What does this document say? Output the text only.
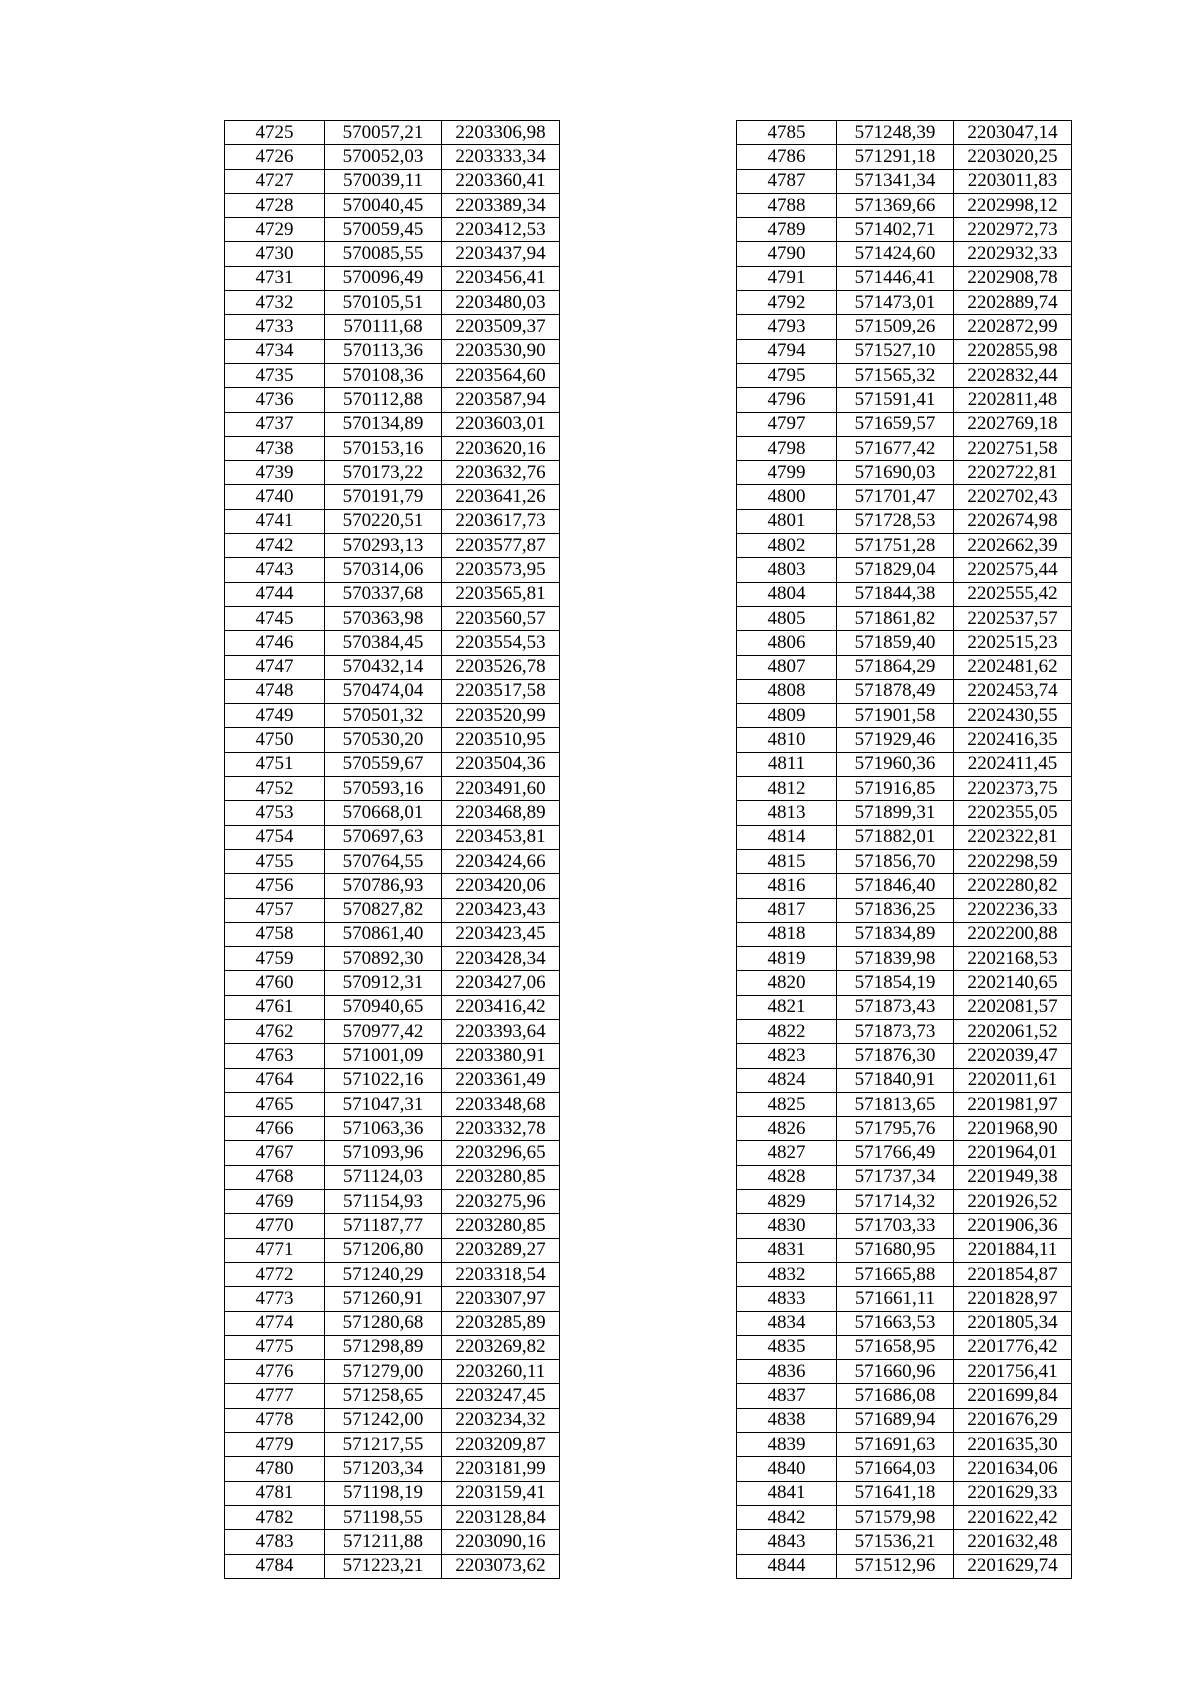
4725	570057,21	2203306,98
4726	570052,03	2203333,34
4727	570039,11	2203360,41
4728	570040,45	2203389,34
4729	570059,45	2203412,53
4730	570085,55	2203437,94
4731	570096,49	2203456,41
4732	570105,51	2203480,03
4733	570111,68	2203509,37
4734	570113,36	2203530,90
4735	570108,36	2203564,60
4736	570112,88	2203587,94
4737	570134,89	2203603,01
4738	570153,16	2203620,16
4739	570173,22	2203632,76
4740	570191,79	2203641,26
4741	570220,51	2203617,73
4742	570293,13	2203577,87
4743	570314,06	2203573,95
4744	570337,68	2203565,81
4745	570363,98	2203560,57
4746	570384,45	2203554,53
4747	570432,14	2203526,78
4748	570474,04	2203517,58
4749	570501,32	2203520,99
4750	570530,20	2203510,95
4751	570559,67	2203504,36
4752	570593,16	2203491,60
4753	570668,01	2203468,89
4754	570697,63	2203453,81
4755	570764,55	2203424,66
4756	570786,93	2203420,06
4757	570827,82	2203423,43
4758	570861,40	2203423,45
4759	570892,30	2203428,34
4760	570912,31	2203427,06
4761	570940,65	2203416,42
4762	570977,42	2203393,64
4763	571001,09	2203380,91
4764	571022,16	2203361,49
4765	571047,31	2203348,68
4766	571063,36	2203332,78
4767	571093,96	2203296,65
4768	571124,03	2203280,85
4769	571154,93	2203275,96
4770	571187,77	2203280,85
4771	571206,80	2203289,27
4772	571240,29	2203318,54
4773	571260,91	2203307,97
4774	571280,68	2203285,89
4775	571298,89	2203269,82
4776	571279,00	2203260,11
4777	571258,65	2203247,45
4778	571242,00	2203234,32
4779	571217,55	2203209,87
4780	571203,34	2203181,99
4781	571198,19	2203159,41
4782	571198,55	2203128,84
4783	571211,88	2203090,16
4784	571223,21	2203073,62
4785	571248,39	2203047,14
4786	571291,18	2203020,25
4787	571341,34	2203011,83
4788	571369,66	2202998,12
4789	571402,71	2202972,73
4790	571424,60	2202932,33
4791	571446,41	2202908,78
4792	571473,01	2202889,74
4793	571509,26	2202872,99
4794	571527,10	2202855,98
4795	571565,32	2202832,44
4796	571591,41	2202811,48
4797	571659,57	2202769,18
4798	571677,42	2202751,58
4799	571690,03	2202722,81
4800	571701,47	2202702,43
4801	571728,53	2202674,98
4802	571751,28	2202662,39
4803	571829,04	2202575,44
4804	571844,38	2202555,42
4805	571861,82	2202537,57
4806	571859,40	2202515,23
4807	571864,29	2202481,62
4808	571878,49	2202453,74
4809	571901,58	2202430,55
4810	571929,46	2202416,35
4811	571960,36	2202411,45
4812	571916,85	2202373,75
4813	571899,31	2202355,05
4814	571882,01	2202322,81
4815	571856,70	2202298,59
4816	571846,40	2202280,82
4817	571836,25	2202236,33
4818	571834,89	2202200,88
4819	571839,98	2202168,53
4820	571854,19	2202140,65
4821	571873,43	2202081,57
4822	571873,73	2202061,52
4823	571876,30	2202039,47
4824	571840,91	2202011,61
4825	571813,65	2201981,97
4826	571795,76	2201968,90
4827	571766,49	2201964,01
4828	571737,34	2201949,38
4829	571714,32	2201926,52
4830	571703,33	2201906,36
4831	571680,95	2201884,11
4832	571665,88	2201854,87
4833	571661,11	2201828,97
4834	571663,53	2201805,34
4835	571658,95	2201776,42
4836	571660,96	2201756,41
4837	571686,08	2201699,84
4838	571689,94	2201676,29
4839	571691,63	2201635,30
4840	571664,03	2201634,06
4841	571641,18	2201629,33
4842	571579,98	2201622,42
4843	571536,21	2201632,48
4844	571512,96	2201629,74
